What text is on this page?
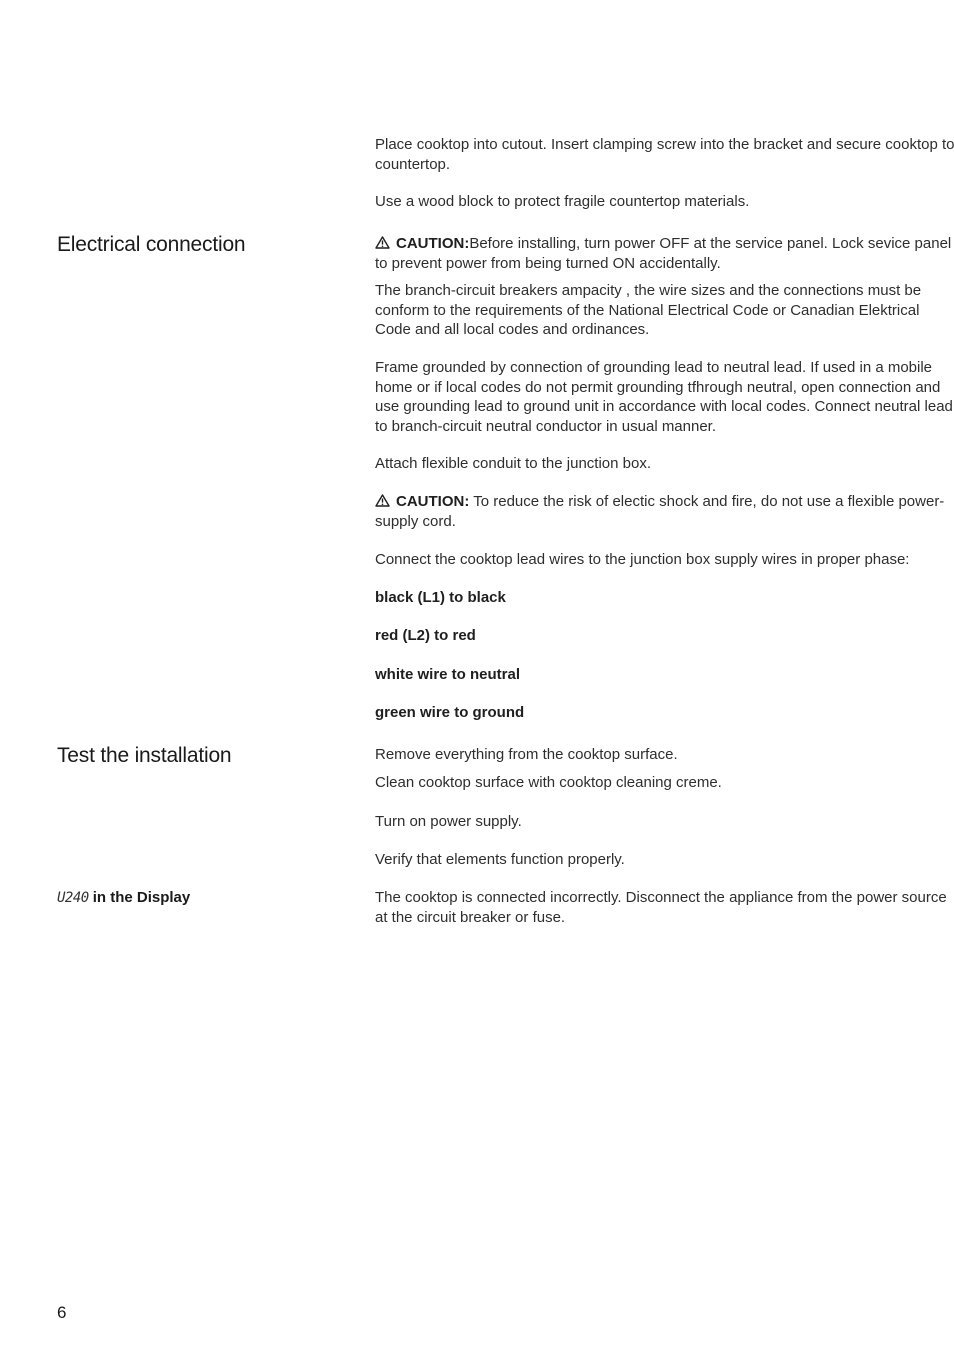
Place cooktop into cutout. Insert clamping screw into the bracket and secure cooktop to countertop.

Use a wood block to protect fragile countertop materials.

Electrical connection	CAUTION:Before installing, turn power OFF at the service panel. Lock sevice panel to prevent power from being turned ON accidentally.

The branch-circuit breakers ampacity , the wire sizes and the connections must be conform to the requirements of the National Electrical Code or Canadian Elektrical Code and all local codes and ordinances.

Frame grounded by connection of grounding lead to neutral lead. If used in a mobile home or if local codes do not permit grounding tfhrough neutral, open connection and use grounding lead to ground unit in accordance with local codes. Connect neutral lead to branch-circuit neutral conductor in usual manner.

Attach flexible conduit to the junction box.

CAUTION: To reduce the risk of electic shock and fire, do not use a flexible power-supply cord.

Connect the cooktop lead wires to the junction box supply wires in proper phase:

black (L1) to black

red (L2) to red

white wire to neutral

green wire to ground

Test the installation	Remove everything from the cooktop surface.

Clean cooktop surface with cooktop cleaning creme.

Turn on power supply.

Verify that elements function properly.

U240 in the Display	The cooktop is connected incorrectly. Disconnect the appliance from the power source at the circuit breaker or fuse.

6
